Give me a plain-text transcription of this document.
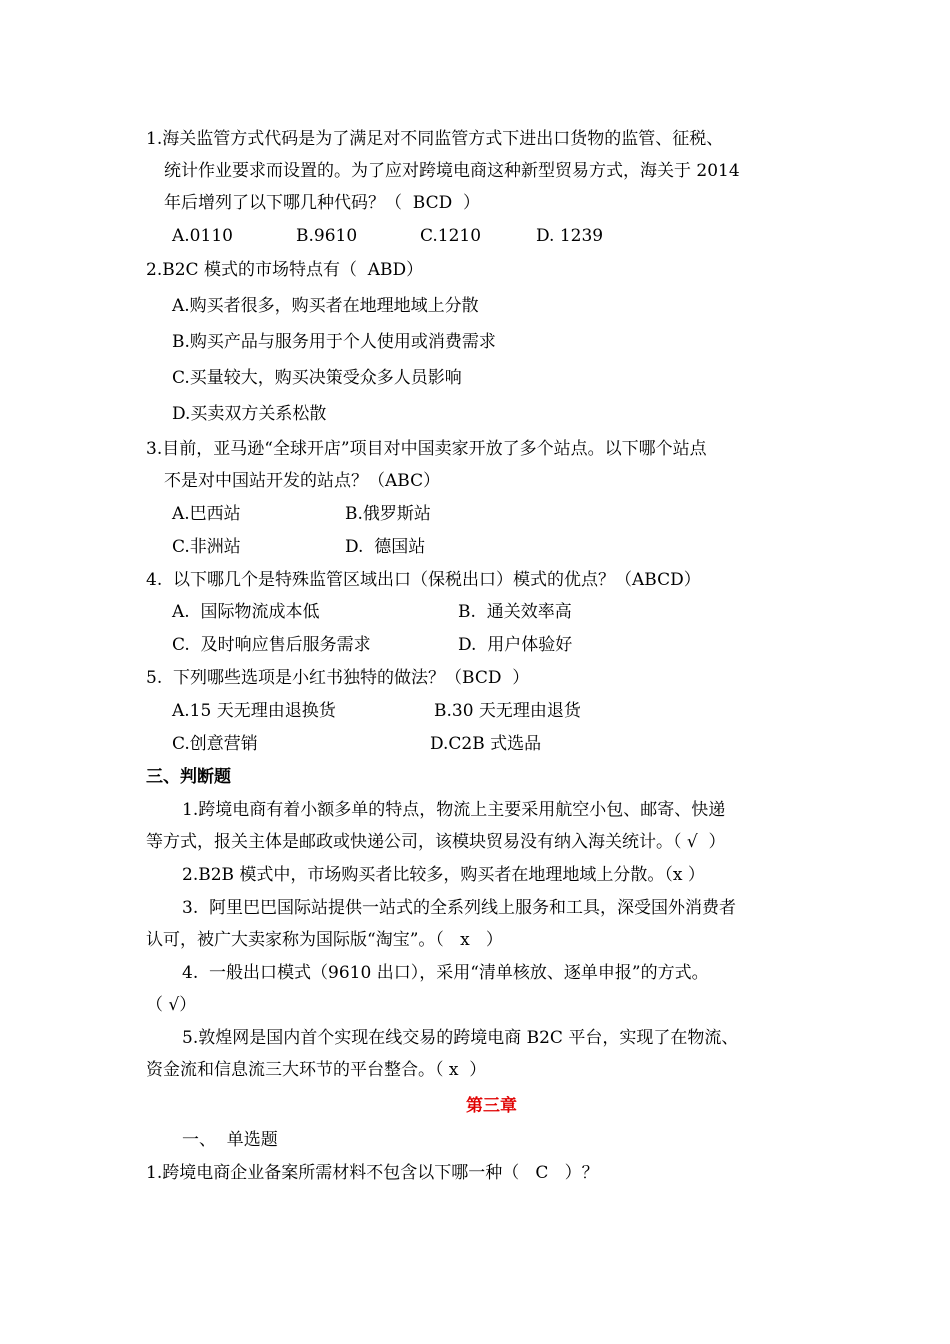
1.海关监管方式代码是为了满足对不同监管方式下进出口货物的监管、征税、
统计作业要求而设置的。为了应对跨境电商这种新型贸易方式，海关于 2014
年后增列了以下哪几种代码？（  BCD  ）
A.0110	B.9610	C.1210	D. 1239
2.B2C 模式的市场特点有（  ABD）
A.购买者很多，购买者在地理地域上分散
B.购买产品与服务用于个人使用或消费需求
C.买量较大，购买决策受众多人员影响
D.买卖双方关系松散
3.目前，亚马逊“全球开店”项目对中国卖家开放了多个站点。以下哪个站点
不是对中国站开发的站点？（ABC）
A.巴西站	B.俄罗斯站
C.非洲站	D.  德国站
4.  以下哪几个是特殊监管区域出口（保税出口）模式的优点？（ABCD）
A.  国际物流成本低	B.  通关效率高
C.  及时响应售后服务需求	D.  用户体验好
5.  下列哪些选项是小红书独特的做法？（BCD  ）
A.15 天无理由退换货	B.30 天无理由退货
C.创意营销	D.C2B 式选品
三、判断题
1.跨境电商有着小额多单的特点，物流上主要采用航空小包、邮寄、快递
等方式，报关主体是邮政或快递公司，该模块贸易没有纳入海关统计。（ √  ）
2.B2B 模式中，市场购买者比较多，购买者在地理地域上分散。（x ）
3.  阿里巴巴国际站提供一站式的全系列线上服务和工具，深受国外消费者
认可，被广大卖家称为国际版“淘宝”。（   x   ）
4.  一般出口模式（9610 出口），采用“清单核放、逐单申报”的方式。
（ √）
5.敦煌网是国内首个实现在线交易的跨境电商 B2C 平台，实现了在物流、
资金流和信息流三大环节的平台整合。（ x  ）
第三章
一、  单选题
1.跨境电商企业备案所需材料不包含以下哪一种（   C   ）？
